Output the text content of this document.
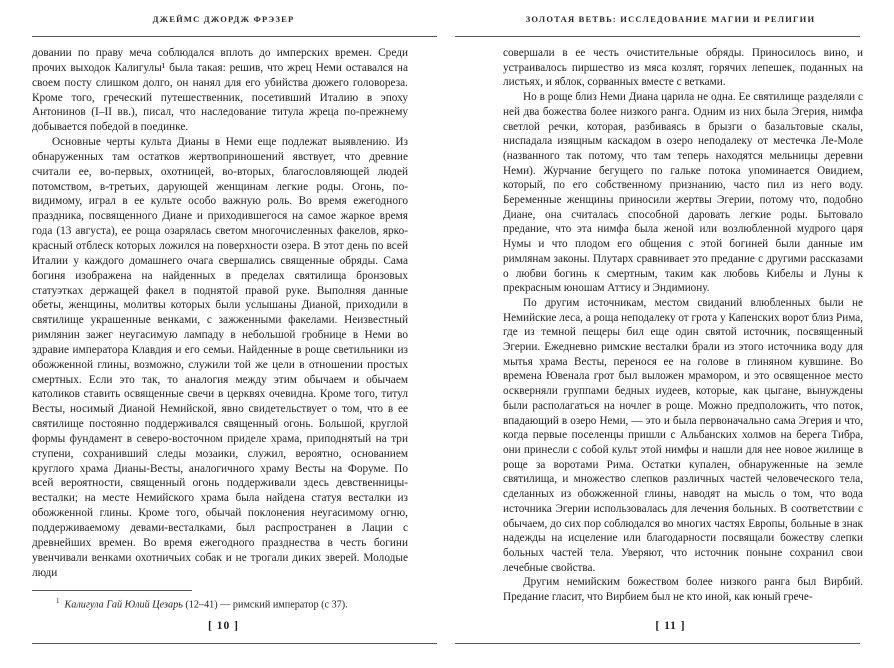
ДЖЕЙМС ДЖОРДЖ ФРЭЗЕР

довании по праву меча соблюдался вплоть до имперских времен. Среди прочих выходок Калигулы¹ была такая: решив, что жрец Неми оставался на своем посту слишком долго, он нанял для его убийства дюжего головореза. Кроме того, греческий путешественник, посетивший Италию в эпоху Антонинов (I–II вв.), писал, что наследование титула жреца по-прежнему добывается победой в поединке.

Основные черты культа Дианы в Неми еще подлежат выявлению. Из обнаруженных там остатков жертвоприношений явствует, что древние считали ее, во-первых, охотницей, во-вторых, благословляющей людей потомством, в-третьих, дарующей женщинам легкие роды. Огонь, по-видимому, играл в ее культе особо важную роль. Во время ежегодного праздника, посвященного Диане и приходившегося на самое жаркое время года (13 августа), ее роща озарялась светом многочисленных факелов, ярко-красный отблеск которых ложился на поверхности озера. В этот день по всей Италии у каждого домашнего очага свершались священные обряды. Сама богиня изображена на найденных в пределах святилища бронзовых статуэтках держащей факел в поднятой правой руке. Выполняя данные обеты, женщины, молитвы которых были услышаны Дианой, приходили в святилище украшенные венками, с зажженными факелами. Неизвестный римлянин зажег неугасимую лампаду в небольшой гробнице в Неми во здравие императора Клавдия и его семьи. Найденные в роще светильники из обожженной глины, возможно, служили той же цели в отношении простых смертных. Если это так, то аналогия между этим обычаем и обычаем католиков ставить освященные свечи в церквях очевидна. Кроме того, титул Весты, носимый Дианой Немийской, явно свидетельствует о том, что в ее святилище постоянно поддерживался священный огонь. Большой, круглой формы фундамент в северо-восточном приделе храма, приподнятый на три ступени, сохранивший следы мозаики, служил, вероятно, основанием круглого храма Дианы-Весты, аналогичного храму Весты на Форуме. По всей вероятности, священный огонь поддерживали здесь девственницы-весталки; на месте Немийского храма была найдена статуя весталки из обожженной глины. Кроме того, обычай поклонения неугасимому огню, поддерживаемому девами-весталками, был распространен в Лации с древнейших времен. Во время ежегодного празднества в честь богини увенчивали венками охотничьих собак и не трогали диких зверей. Молодые люди

$^1$ Калигула Гай Юлий Цезарь (12–41) — римский император (с 37).
[ 10 ]
ЗОЛОТАЯ ВЕТВЬ: ИССЛЕДОВАНИЕ МАГИИ И РЕЛИГИИ

совершали в ее честь очистительные обряды. Приносилось вино, и устраивалось пиршество из мяса козлят, горячих лепешек, поданных на листьях, и яблок, сорванных вместе с ветками.

Но в роще близ Неми Диана царила не одна. Ее святилище разделяли с ней два божества более низкого ранга. Одним из них была Эгерия, нимфа светлой речки, которая, разбиваясь в брызги о базальтовые скалы, ниспадала изящным каскадом в озеро неподалеку от местечка Ле-Моле (названного так потому, что там теперь находятся мельницы деревни Неми). Журчание бегущего по гальке потока упоминается Овидием, который, по его собственному признанию, часто пил из него воду. Беременные женщины приносили жертвы Эгерии, потому что, подобно Диане, она считалась способной даровать легкие роды. Бытовало предание, что эта нимфа была женой или возлюбленной мудрого царя Нумы и что плодом его общения с этой богиней были данные им римлянам законы. Плутарх сравнивает это предание с другими рассказами о любви богинь к смертным, таким как любовь Кибелы и Луны к прекрасным юношам Аттису и Эндимиону.

По другим источникам, местом свиданий влюбленных были не Немийские леса, а роща неподалеку от грота у Капенских ворот близ Рима, где из темной пещеры бил еще один святой источник, посвященный Эгерии. Ежедневно римские весталки брали из этого источника воду для мытья храма Весты, перенося ее на голове в глиняном кувшине. Во времена Ювенала грот был выложен мрамором, и это освященное место оскверняли группами бедных иудеев, которые, как цыгане, вынуждены были располагаться на ночлег в роще. Можно предположить, что поток, впадающий в озеро Неми, — это и была первоначально сама Эгерия и что, когда первые поселенцы пришли с Альбанских холмов на берега Тибра, они принесли с собой культ этой нимфы и нашли для нее новое жилище в роще за воротами Рима. Остатки купален, обнаруженные на земле святилища, и множество слепков различных частей человеческого тела, сделанных из обожженной глины, наводят на мысль о том, что вода источника Эгерии использовалась для лечения больных. В соответствии с обычаем, до сих пор соблюдался во многих частях Европы, больные в знак надежды на исцеление или благодарности посвящали божеству слепки больных частей тела. Уверяют, что источник поныне сохранил свои лечебные свойства.

Другим немийским божеством более низкого ранга был Вирбий. Предание гласит, что Вирбием был не кто иной, как юный грече-

[ 11 ]
